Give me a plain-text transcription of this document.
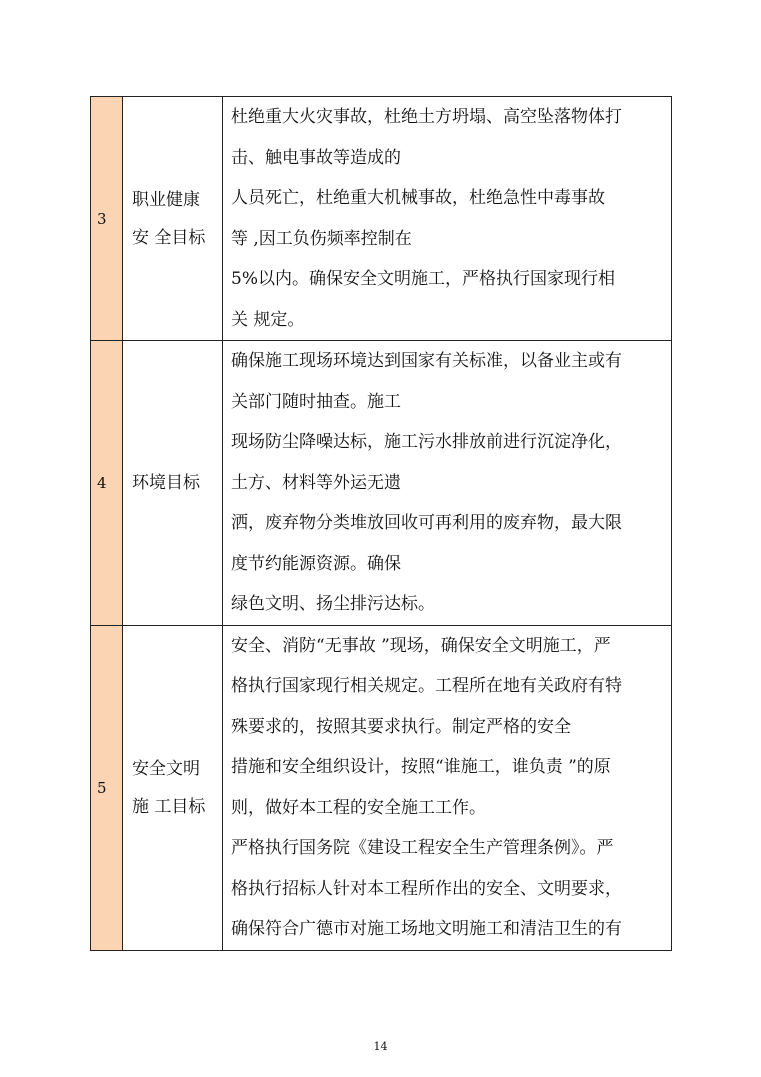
3
职业健康
安 全目标
杜绝重大火灾事故，杜绝土方坍塌、高空坠落物体打
击、触电事故等造成的
人员死亡，杜绝重大机械事故，杜绝急性中毒事故
等 ,因工负伤频率控制在
5%以内。确保安全文明施工，严格执行国家现行相
关 规定。
4	环境目标
确保施工现场环境达到国家有关标准，以备业主或有
关部门随时抽查。施工
现场防尘降噪达标，施工污水排放前进行沉淀净化，
土方、材料等外运无遗
洒，废弃物分类堆放回收可再利用的废弃物，最大限
度节约能源资源。确保
绿色文明、扬尘排污达标。
5
安全文明
施 工目标
安全、消防“无事故 ”现场，确保安全文明施工，严
格执行国家现行相关规定。工程所在地有关政府有特
殊要求的，按照其要求执行。制定严格的安全
措施和安全组织设计，按照“谁施工，谁负责 ”的原
则，做好本工程的安全施工工作。
严格执行国务院《建设工程安全生产管理条例》。严
格执行招标人针对本工程所作出的安全、文明要求，
确保符合广德市对施工场地文明施工和清洁卫生的有
14
